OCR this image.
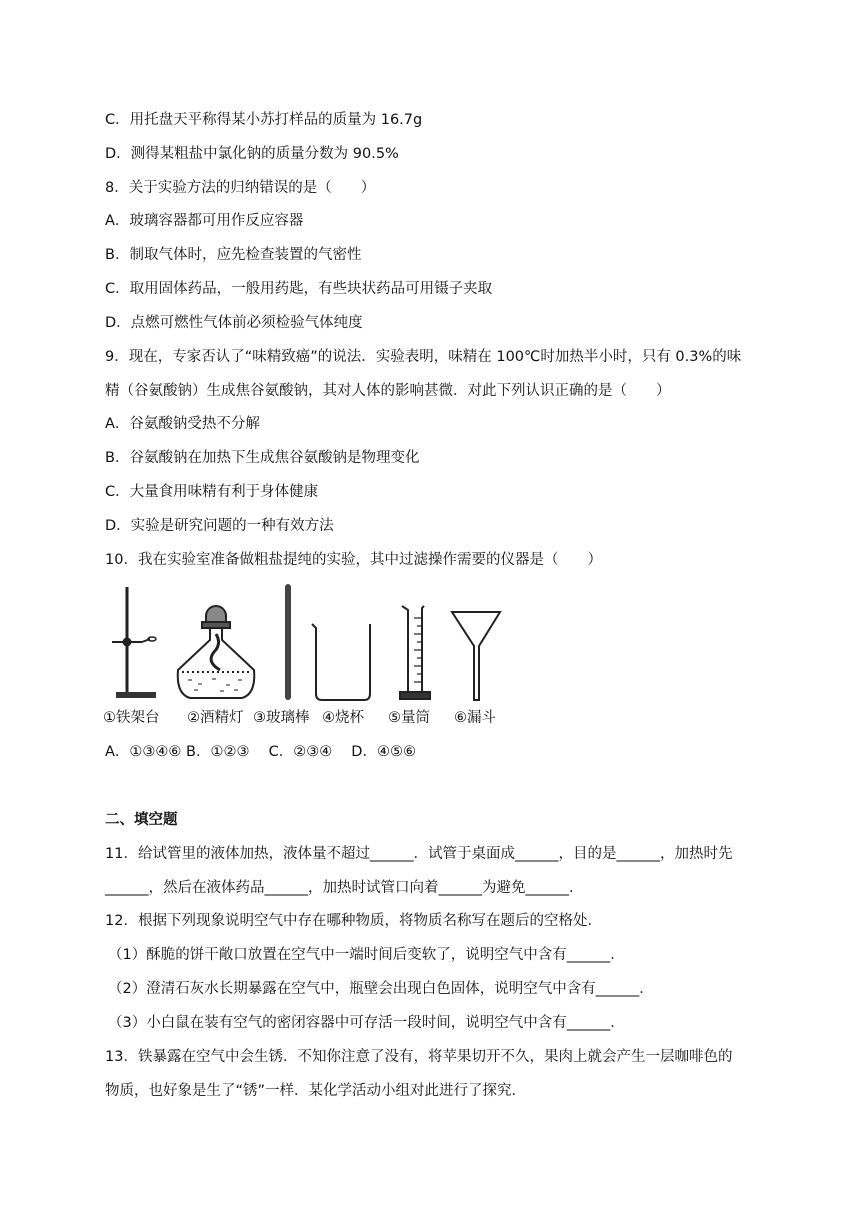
C．用托盘天平称得某小苏打样品的质量为 16.7g
D．测得某粗盐中氯化钠的质量分数为 90.5%
8．关于实验方法的归纳错误的是（　　）
A．玻璃容器都可用作反应容器
B．制取气体时，应先检查装置的气密性
C．取用固体药品，一般用药匙，有些块状药品可用镊子夹取
D．点燃可燃性气体前必须检验气体纯度
9．现在，专家否认了“味精致癌”的说法．实验表明，味精在 100℃时加热半小时，只有 0.3%的味
精（谷氨酸钠）生成焦谷氨酸钠，其对人体的影响甚微．对此下列认识正确的是（　　）
A．谷氨酸钠受热不分解
B．谷氨酸钠在加热下生成焦谷氨酸钠是物理变化
C．大量食用味精有利于身体健康
D．实验是研究问题的一种有效方法
10．我在实验室准备做粗盐提纯的实验，其中过滤操作需要的仪器是（　　）
①铁架台 ②酒精灯 ③玻璃棒 ④烧杯 ⑤量筒 ⑥漏斗
A．①③④⑥ B．①②③　 C．②③④　 D．④⑤⑥
二、填空题
11．给试管里的液体加热，液体量不超过______．试管于桌面成______，目的是______，加热时先
______，然后在液体药品______，加热时试管口向着______为避免______．
12．根据下列现象说明空气中存在哪种物质，将物质名称写在题后的空格处．
（1）酥脆的饼干敞口放置在空气中一端时间后变软了，说明空气中含有______．
（2）澄清石灰水长期暴露在空气中，瓶壁会出现白色固体，说明空气中含有______．
（3）小白鼠在装有空气的密闭容器中可存活一段时间，说明空气中含有______．
13．铁暴露在空气中会生锈．不知你注意了没有，将苹果切开不久，果肉上就会产生一层咖啡色的
物质，也好象是生了“锈”一样．某化学活动小组对此进行了探究．
